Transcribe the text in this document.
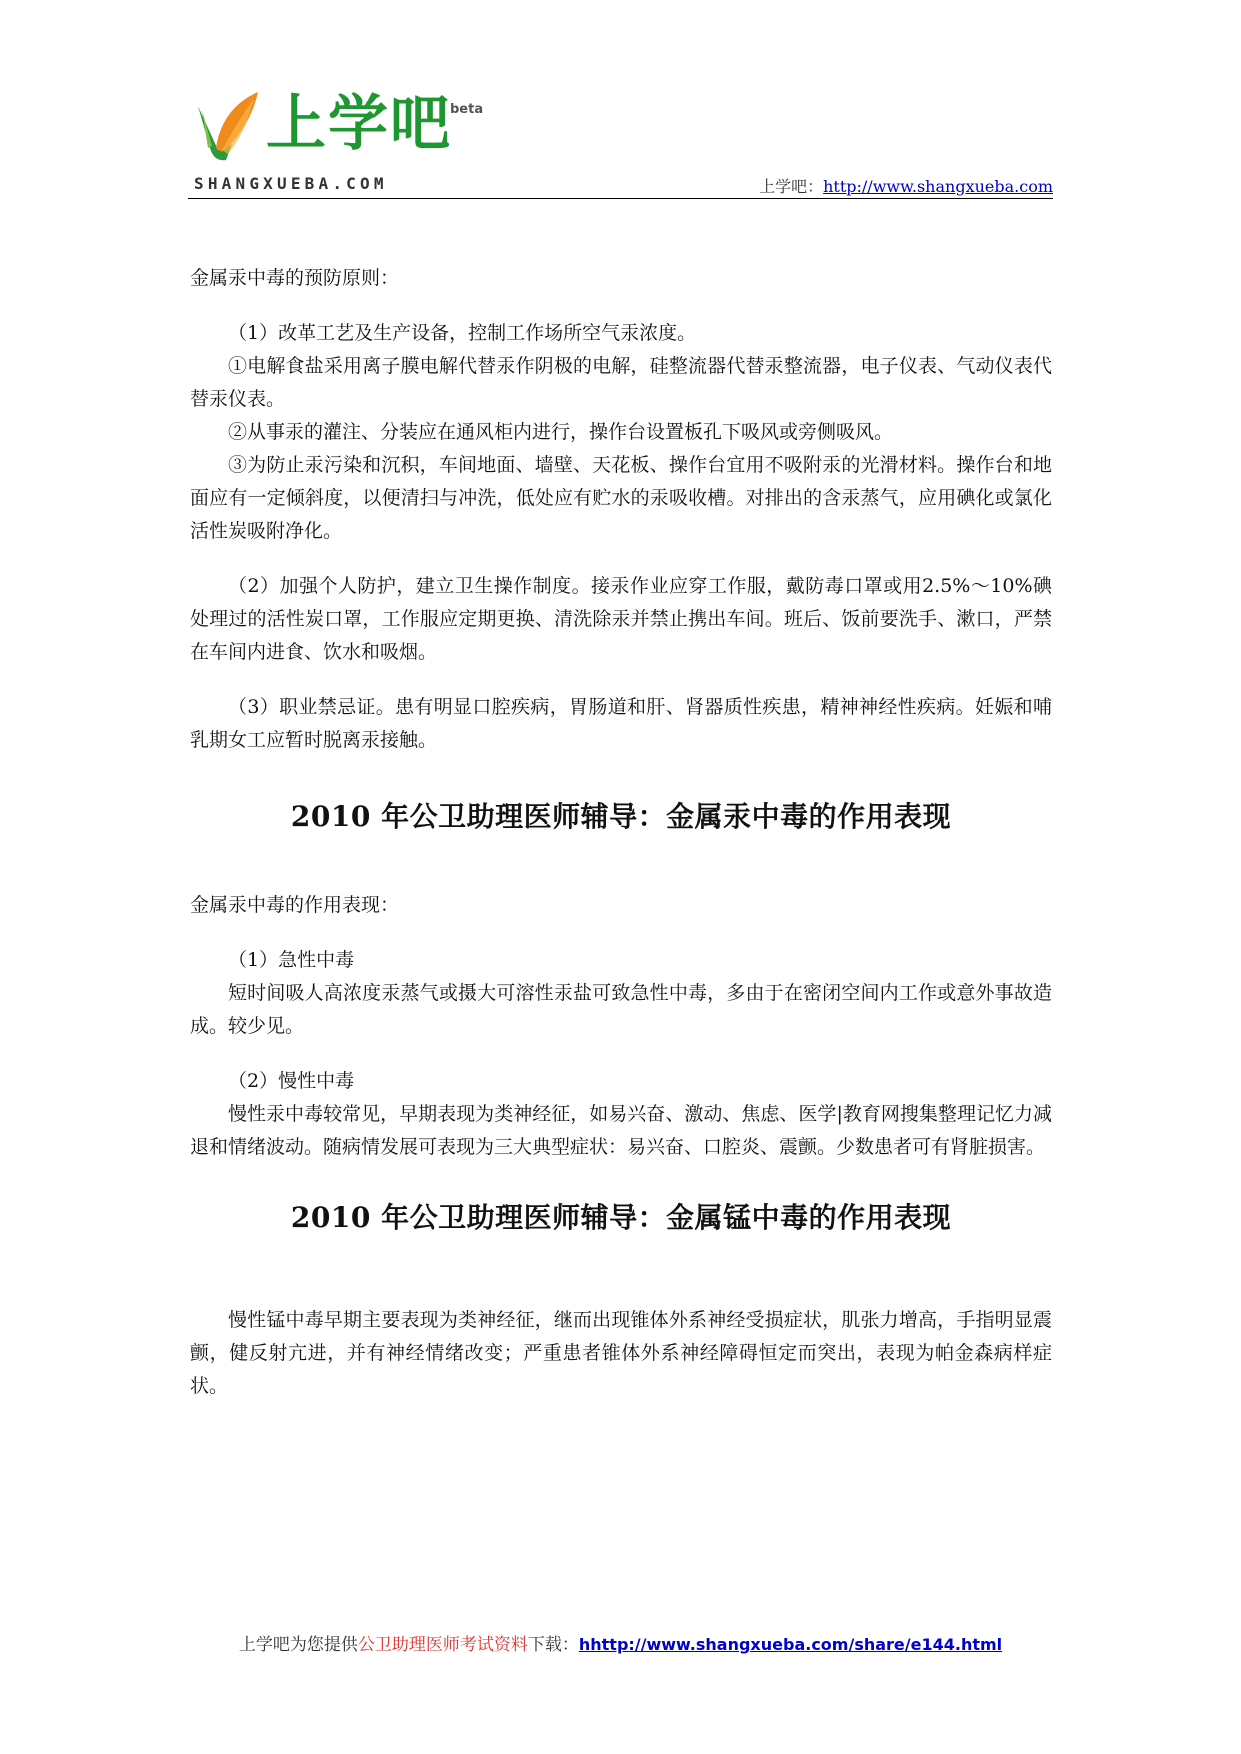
上学吧
beta
SHANGXUEBA.COM	上学吧：http://www.shangxueba.com

金属汞中毒的预防原则：

（1）改革工艺及生产设备，控制工作场所空气汞浓度。

①电解食盐采用离子膜电解代替汞作阴极的电解，硅整流器代替汞整流器，电子仪表、气动仪表代替汞仪表。

②从事汞的灌注、分装应在通风柜内进行，操作台设置板孔下吸风或旁侧吸风。

③为防止汞污染和沉积，车间地面、墙壁、天花板、操作台宜用不吸附汞的光滑材料。操作台和地面应有一定倾斜度，以便清扫与冲洗，低处应有贮水的汞吸收槽。对排出的含汞蒸气，应用碘化或氯化活性炭吸附净化。

（2）加强个人防护，建立卫生操作制度。接汞作业应穿工作服，戴防毒口罩或用2.5%～10%碘处理过的活性炭口罩，工作服应定期更换、清洗除汞并禁止携出车间。班后、饭前要洗手、漱口，严禁在车间内进食、饮水和吸烟。

（3）职业禁忌证。患有明显口腔疾病，胃肠道和肝、肾器质性疾患，精神神经性疾病。妊娠和哺乳期女工应暂时脱离汞接触。

2010 年公卫助理医师辅导：金属汞中毒的作用表现

金属汞中毒的作用表现：

（1）急性中毒

短时间吸人高浓度汞蒸气或摄大可溶性汞盐可致急性中毒，多由于在密闭空间内工作或意外事故造成。较少见。

（2）慢性中毒

慢性汞中毒较常见，早期表现为类神经征，如易兴奋、激动、焦虑、医学|教育网搜集整理记忆力减退和情绪波动。随病情发展可表现为三大典型症状：易兴奋、口腔炎、震颤。少数患者可有肾脏损害。

2010 年公卫助理医师辅导：金属锰中毒的作用表现

慢性锰中毒早期主要表现为类神经征，继而出现锥体外系神经受损症状，肌张力增高，手指明显震颤，健反射亢进，并有神经情绪改变；严重患者锥体外系神经障碍恒定而突出，表现为帕金森病样症状。

上学吧为您提供公卫助理医师考试资料下载：hhttp://www.shangxueba.com/share/e144.html
